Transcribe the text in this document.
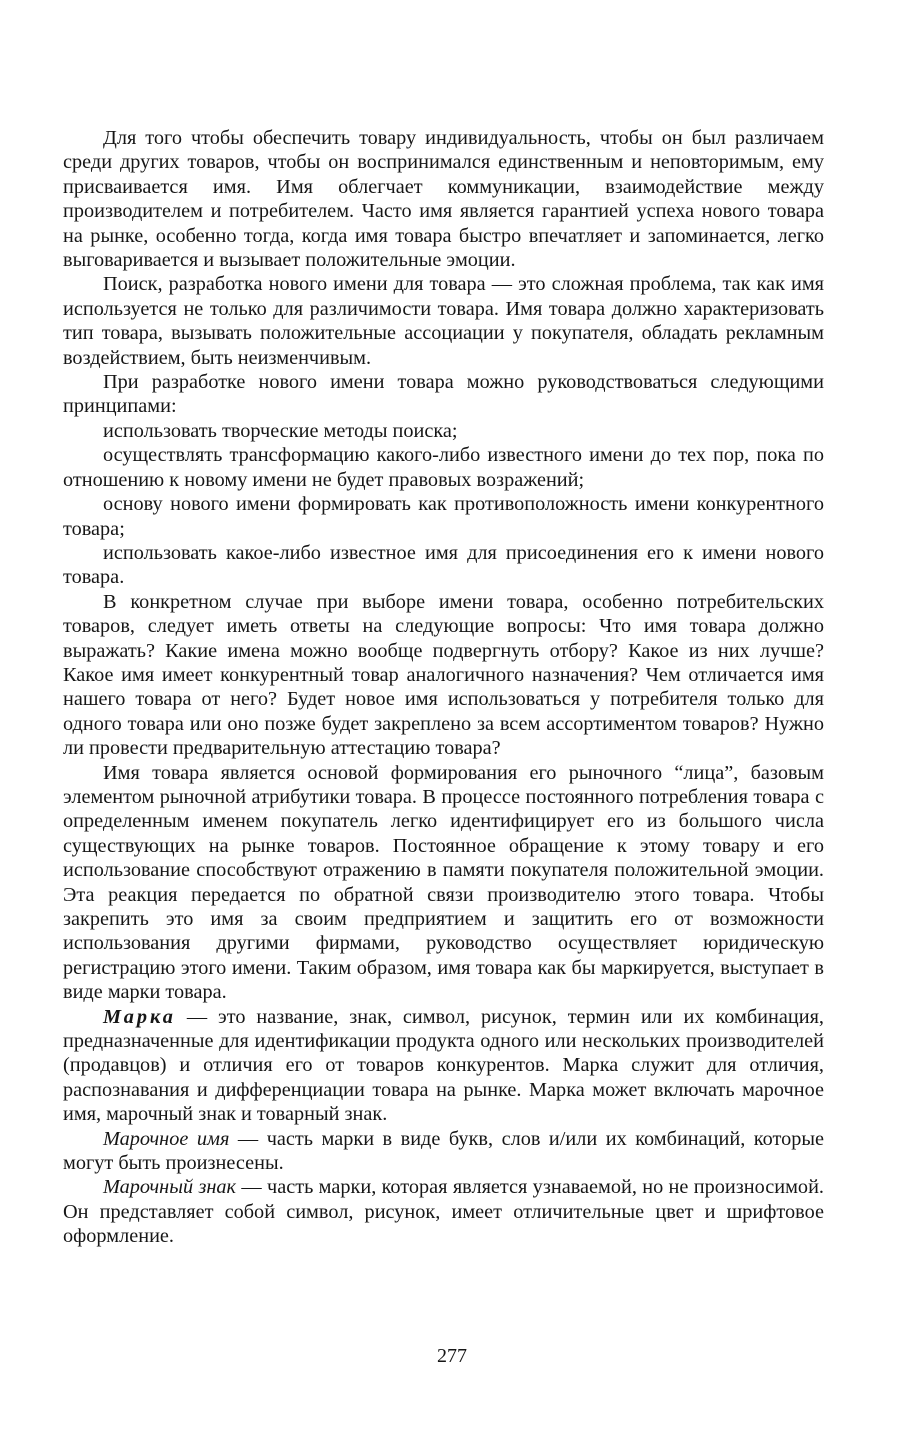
Для того чтобы обеспечить товару индивидуальность, чтобы он был различаем среди других товаров, чтобы он воспринимался единственным и неповторимым, ему присваивается имя. Имя облегчает коммуникации, взаимодействие между производителем и потребителем. Часто имя является гарантией успеха нового товара на рынке, особенно тогда, когда имя товара быстро впечатляет и запоминается, легко выговаривается и вызывает положительные эмоции.

Поиск, разработка нового имени для товара — это сложная проблема, так как имя используется не только для различимости товара. Имя товара должно характеризовать тип товара, вызывать положительные ассоциации у покупателя, обладать рекламным воздействием, быть неизменчивым.

При разработке нового имени товара можно руководствоваться следующими принципами:

использовать творческие методы поиска;

осуществлять трансформацию какого-либо известного имени до тех пор, пока по отношению к новому имени не будет правовых возражений;

основу нового имени формировать как противоположность имени конкурентного товара;

использовать какое-либо известное имя для присоединения его к имени нового товара.

В конкретном случае при выборе имени товара, особенно потребительских товаров, следует иметь ответы на следующие вопросы: Что имя товара должно выражать? Какие имена можно вообще подвергнуть отбору? Какое из них лучше? Какое имя имеет конкурентный товар аналогичного назначения? Чем отличается имя нашего товара от него? Будет новое имя использоваться у потребителя только для одного товара или оно позже будет закреплено за всем ассортиментом товаров? Нужно ли провести предварительную аттестацию товара?

Имя товара является основой формирования его рыночного “лица”, базовым элементом рыночной атрибутики товара. В процессе постоянного потребления товара с определенным именем покупатель легко идентифицирует его из большого числа существующих на рынке товаров. Постоянное обращение к этому товару и его использование способствуют отражению в памяти покупателя положительной эмоции. Эта реакция передается по обратной связи производителю этого товара. Чтобы закрепить это имя за своим предприятием и защитить его от возможности использования другими фирмами, руководство осуществляет юридическую регистрацию этого имени. Таким образом, имя товара как бы маркируется, выступает в виде марки товара.

Марка — это название, знак, символ, рисунок, термин или их комбинация, предназначенные для идентификации продукта одного или нескольких производителей (продавцов) и отличия его от товаров конкурентов. Марка служит для отличия, распознавания и дифференциации товара на рынке. Марка может включать марочное имя, марочный знак и товарный знак.

Марочное имя — часть марки в виде букв, слов и/или их комбинаций, которые могут быть произнесены.

Марочный знак — часть марки, которая является узнаваемой, но не произносимой. Он представляет собой символ, рисунок, имеет отличительные цвет и шрифтовое оформление.

277
